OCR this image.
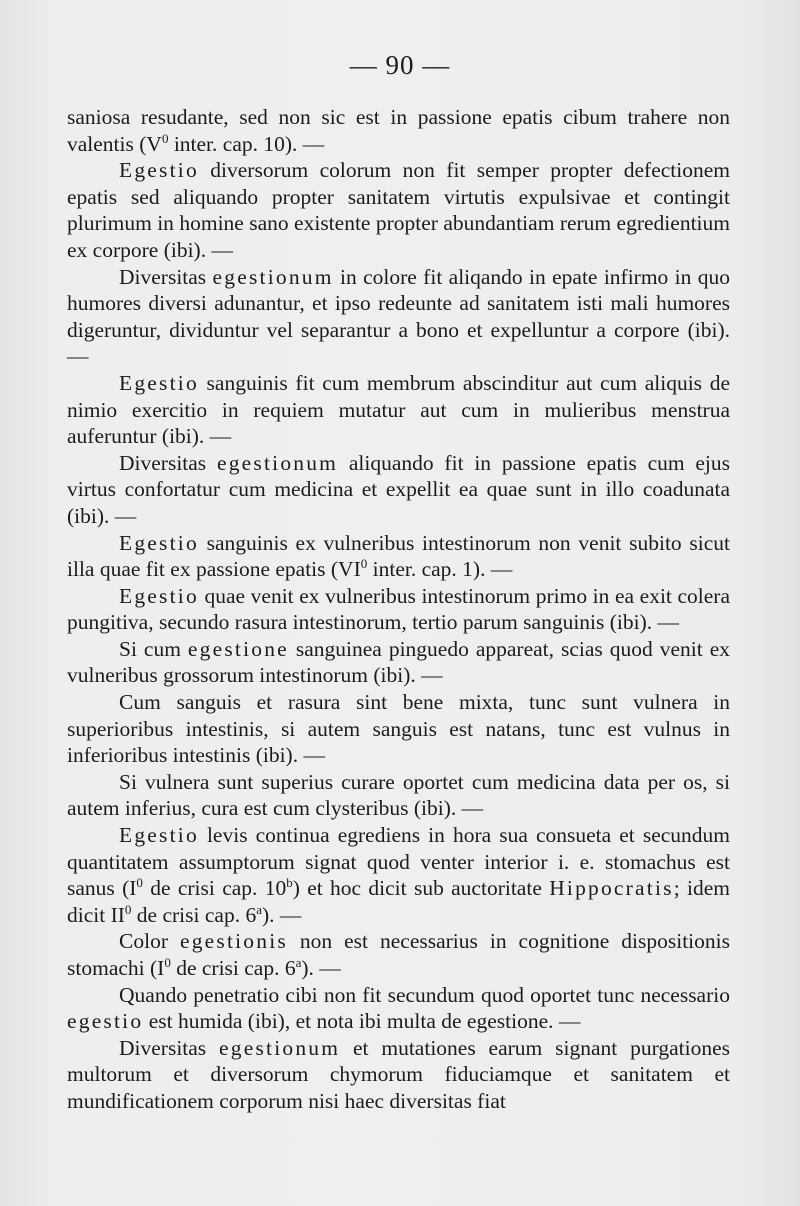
— 90 —

saniosa resudante, sed non sic est in passione epatis cibum trahere non valentis ($V^0$ inter. cap. 10). —

Egestio diversorum colorum non fit semper propter defectionem epatis sed aliquando propter sanitatem virtutis expulsivae et contingit plurimum in homine sano existente propter abundantiam rerum egredientium ex corpore (ibi). —

Diversitas egestionum in colore fit aliqando in epate infirmo in quo humores diversi adunantur, et ipso redeunte ad sanitatem isti mali humores digeruntur, dividuntur vel separantur a bono et expelluntur a corpore (ibi). —

Egestio sanguinis fit cum membrum abscinditur aut cum aliquis de nimio exercitio in requiem mutatur aut cum in mulieribus menstrua auferuntur (ibi). —

Diversitas egestionum aliquando fit in passione epatis cum ejus virtus confortatur cum medicina et expellit ea quae sunt in illo coadunata (ibi). —

Egestio sanguinis ex vulneribus intestinorum non venit subito sicut illa quae fit ex passione epatis ($VI^0$ inter. cap. 1). —

Egestio quae venit ex vulneribus intestinorum primo in ea exit colera pungitiva, secundo rasura intestinorum, tertio parum sanguinis (ibi). —

Si cum egestione sanguinea pinguedo appareat, scias quod venit ex vulneribus grossorum intestinorum (ibi). —

Cum sanguis et rasura sint bene mixta, tunc sunt vulnera in superioribus intestinis, si autem sanguis est natans, tunc est vulnus in inferioribus intestinis (ibi). —

Si vulnera sunt superius curare oportet cum medicina data per os, si autem inferius, cura est cum clysteribus (ibi). —

Egestio levis continua egrediens in hora sua consueta et secundum quantitatem assumptorum signat quod venter interior i. e. stomachus est sanus ($I^0$ de crisi cap. 10$^b$) et hoc dicit sub auctoritate Hippocratis; idem dicit $II^0$ de crisi cap. 6$^a$). —

Color egestionis non est necessarius in cognitione dispositionis stomachi ($I^0$ de crisi cap. 6$^a$). —

Quando penetratio cibi non fit secundum quod oportet tunc necessario egestio est humida (ibi), et nota ibi multa de egestione. —

Diversitas egestionum et mutationes earum signant purgationes multorum et diversorum chymorum fiduciamque et sanitatem et mundificationem corporum nisi haec diversitas fiat
